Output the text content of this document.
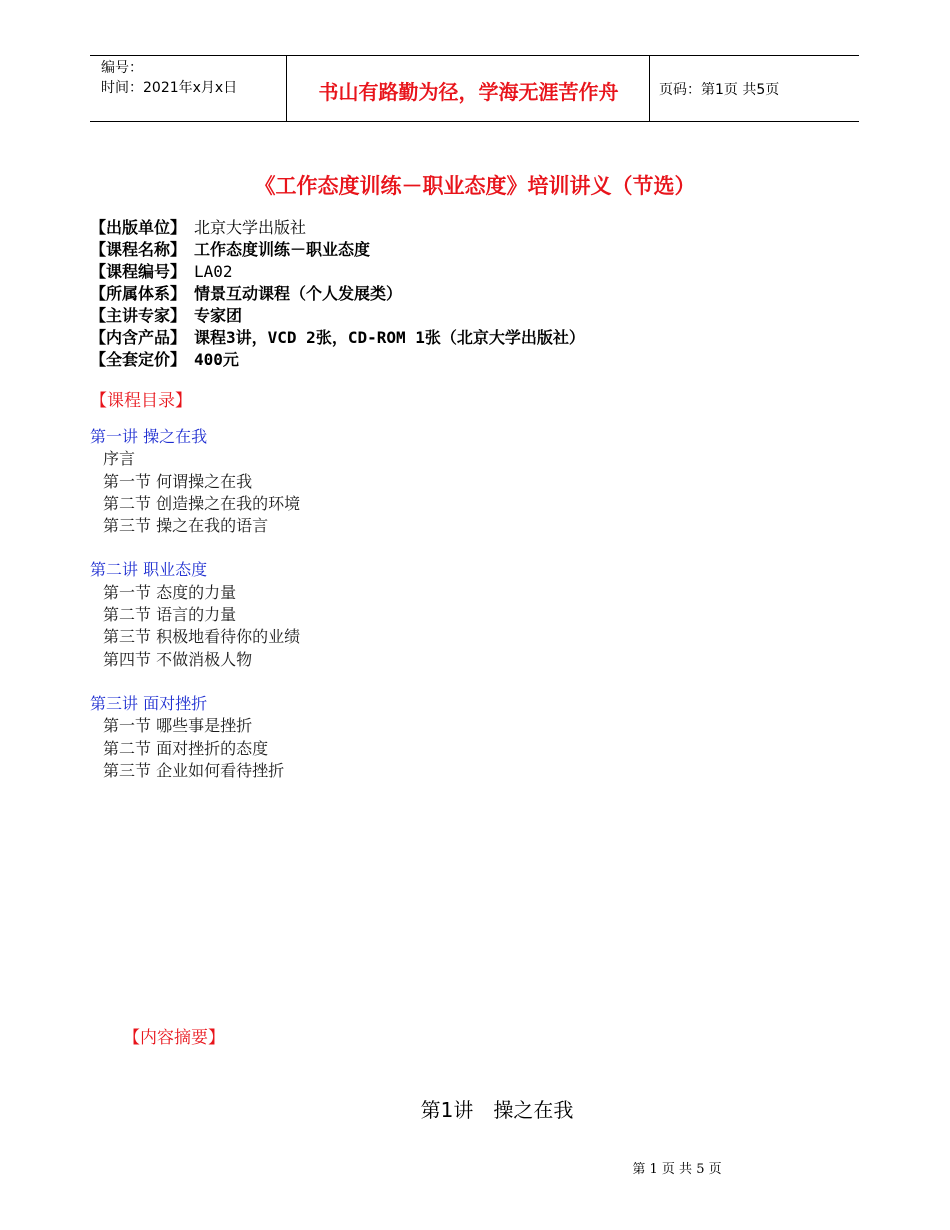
编号：
时间：2021年x月x日	书山有路勤为径，学海无涯苦作舟	页码：第1页 共5页
《工作态度训练－职业态度》培训讲义（节选）
【出版单位】 北京大学出版社
【课程名称】 工作态度训练－职业态度
【课程编号】 LA02
【所属体系】 情景互动课程（个人发展类）
【主讲专家】 专家团
【内含产品】 课程3讲，VCD 2张，CD-ROM 1张（北京大学出版社）
【全套定价】 400元
【课程目录】
第一讲 操之在我
序言
第一节 何谓操之在我
第二节 创造操之在我的环境
第三节 操之在我的语言
第二讲 职业态度
第一节 态度的力量
第二节 语言的力量
第三节 积极地看待你的业绩
第四节 不做消极人物
第三讲 面对挫折
第一节 哪些事是挫折
第二节 面对挫折的态度
第三节 企业如何看待挫折
【内容摘要】
第1讲　操之在我
第 1 页 共 5 页
